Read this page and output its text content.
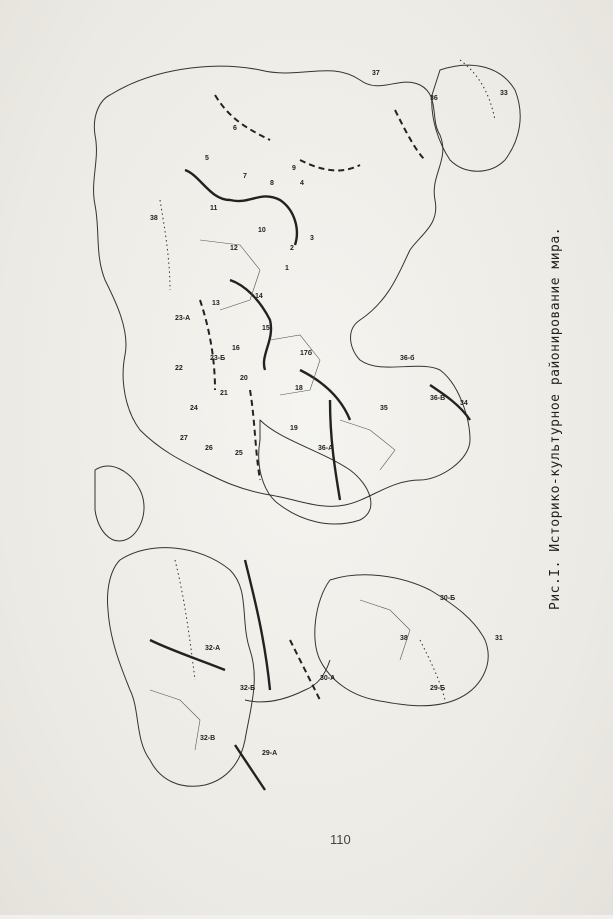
37
36
6
5
4
9
8
7
38
11
10
12	2
3
1
13
14
15
23-А
23-Б
16
17б
22
20
21
36-б
18
24	35
27
19
26
25
36-А
36-В
34
30-Б
38
32-А
31
32-Б
30-А
29-Б
32-В
29-А
33
Рис.I. Историко-культурное районирование мира.
110
